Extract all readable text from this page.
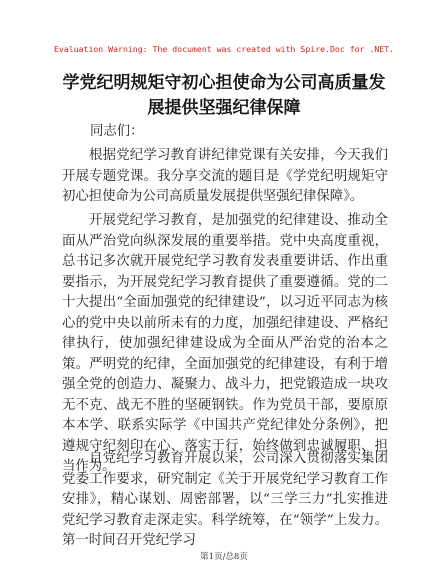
Evaluation Warning: The document was created with Spire.Doc for .NET.
学党纪明规矩守初心担使命为公司高质量发展提供坚强纪律保障
同志们：

根据党纪学习教育讲纪律党课有关安排，今天我们开展专题党课。我分享交流的题目是《学党纪明规矩守初心担使命为公司高质量发展提供坚强纪律保障》。

开展党纪学习教育，是加强党的纪律建设、推动全面从严治党向纵深发展的重要举措。党中央高度重视，总书记多次就开展党纪学习教育发表重要讲话、作出重要指示，为开展党纪学习教育提供了重要遵循。党的二十大提出“全面加强党的纪律建设”，以习近平同志为核心的党中央以前所未有的力度，加强纪律建设、严格纪律执行，使加强纪律建设成为全面从严治党的治本之策。严明党的纪律，全面加强党的纪律建设，有利于增强全党的创造力、凝聚力、战斗力，把党锻造成一块攻无不克、战无不胜的坚硬钢铁。作为党员干部，要原原本本学、联系实际学《中国共产党纪律处分条例》，把遵规守纪刻印在心、落实于行，始终做到忠诚履职、担当作为。

自党纪学习教育开展以来，公司深入贯彻落实集团党委工作要求，研究制定《关于开展党纪学习教育工作安排》，精心谋划、周密部署，以“三学三力”扎实推进党纪学习教育走深走实。科学统筹，在“领学”上发力。第一时间召开党纪学习

第1页/总8页
